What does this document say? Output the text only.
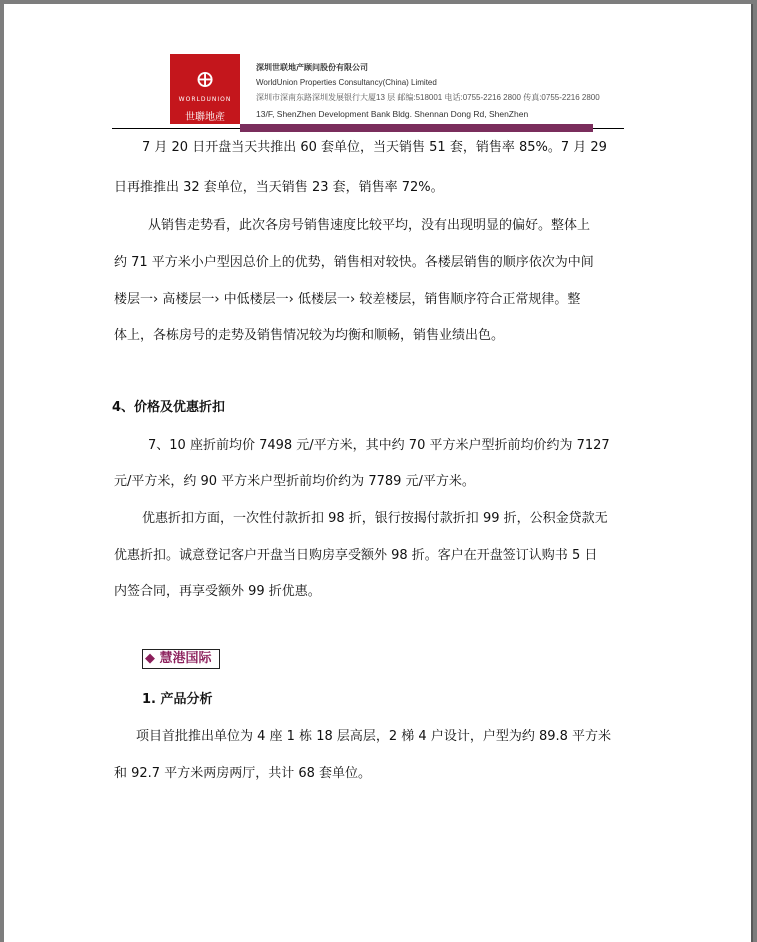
⊕
WORLDUNION
世聯地產
深圳世联地产顾问股份有限公司
WorldUnion Properties Consultancy(China) Limited
深圳市深南东路深圳发展银行大厦13 层 邮编:518001 电话:0755-2216 2800 传真:0755-2216 2800
13/F, ShenZhen Development Bank Bldg. Shennan Dong Rd, ShenZhen
7 月 20 日开盘当天共推出 60 套单位，当天销售 51 套，销售率 85%。7 月 29
日再推推出 32 套单位，当天销售 23 套，销售率 72%。
从销售走势看，此次各房号销售速度比较平均，没有出现明显的偏好。整体上
约 71 平方米小户型因总价上的优势，销售相对较快。各楼层销售的顺序依次为中间
楼层一› 高楼层一› 中低楼层一› 低楼层一› 较差楼层，销售顺序符合正常规律。整
体上，各栋房号的走势及销售情况较为均衡和顺畅，销售业绩出色。
4、价格及优惠折扣
7、10 座折前均价 7498 元/平方米，其中约 70 平方米户型折前均价约为 7127
元/平方米，约 90 平方米户型折前均价约为 7789 元/平方米。
优惠折扣方面，一次性付款折扣 98 折，银行按揭付款折扣 99 折，公积金贷款无
优惠折扣。诚意登记客户开盘当日购房享受额外 98 折。客户在开盘签订认购书 5 日
内签合同，再享受额外 99 折优惠。
◆ 慧港国际
1. 产品分析
项目首批推出单位为 4 座 1 栋 18 层高层，2 梯 4 户设计，户型为约 89.8 平方米
和 92.7 平方米两房两厅，共计 68 套单位。
